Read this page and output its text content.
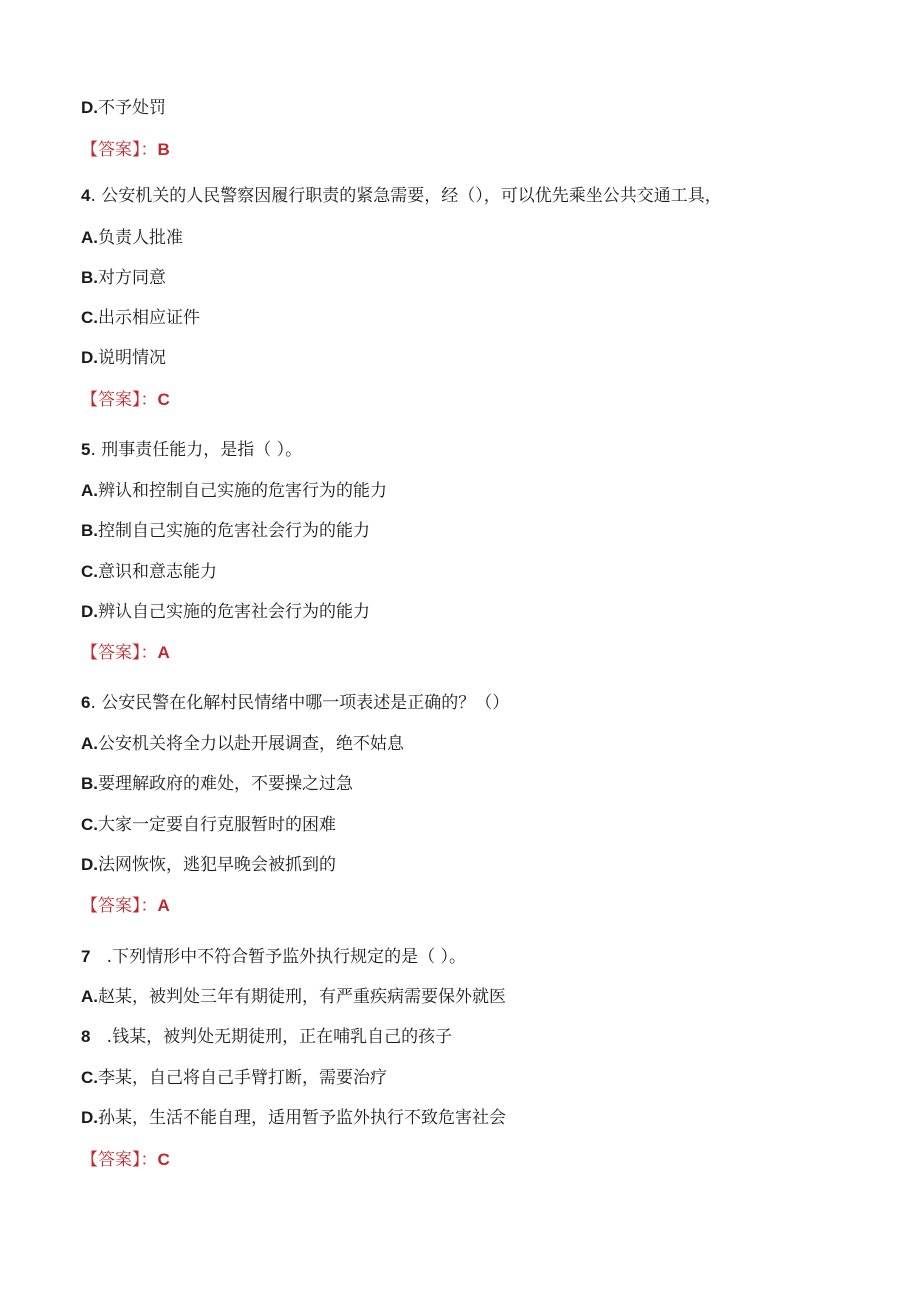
D.不予处罚
【答案】：B
4. 公安机关的人民警察因履行职责的紧急需要，经（），可以优先乘坐公共交通工具，
A.负责人批准
B.对方同意
C.出示相应证件
D.说明情况
【答案】：C
5. 刑事责任能力，是指（ ）。
A.辨认和控制自己实施的危害行为的能力
B.控制自己实施的危害社会行为的能力
C.意识和意志能力
D.辨认自己实施的危害社会行为的能力
【答案】：A
6. 公安民警在化解村民情绪中哪一项表述是正确的？（）
A.公安机关将全力以赴开展调查，绝不姑息
B.要理解政府的难处，不要操之过急
C.大家一定要自行克服暂时的困难
D.法网恢恢，逃犯早晚会被抓到的
【答案】：A
7   .下列情形中不符合暂予监外执行规定的是（ ）。
A.赵某，被判处三年有期徒刑，有严重疾病需要保外就医
8   .钱某，被判处无期徒刑，正在哺乳自己的孩子
C.李某，自己将自己手臂打断，需要治疗
D.孙某，生活不能自理，适用暂予监外执行不致危害社会
【答案】：C
